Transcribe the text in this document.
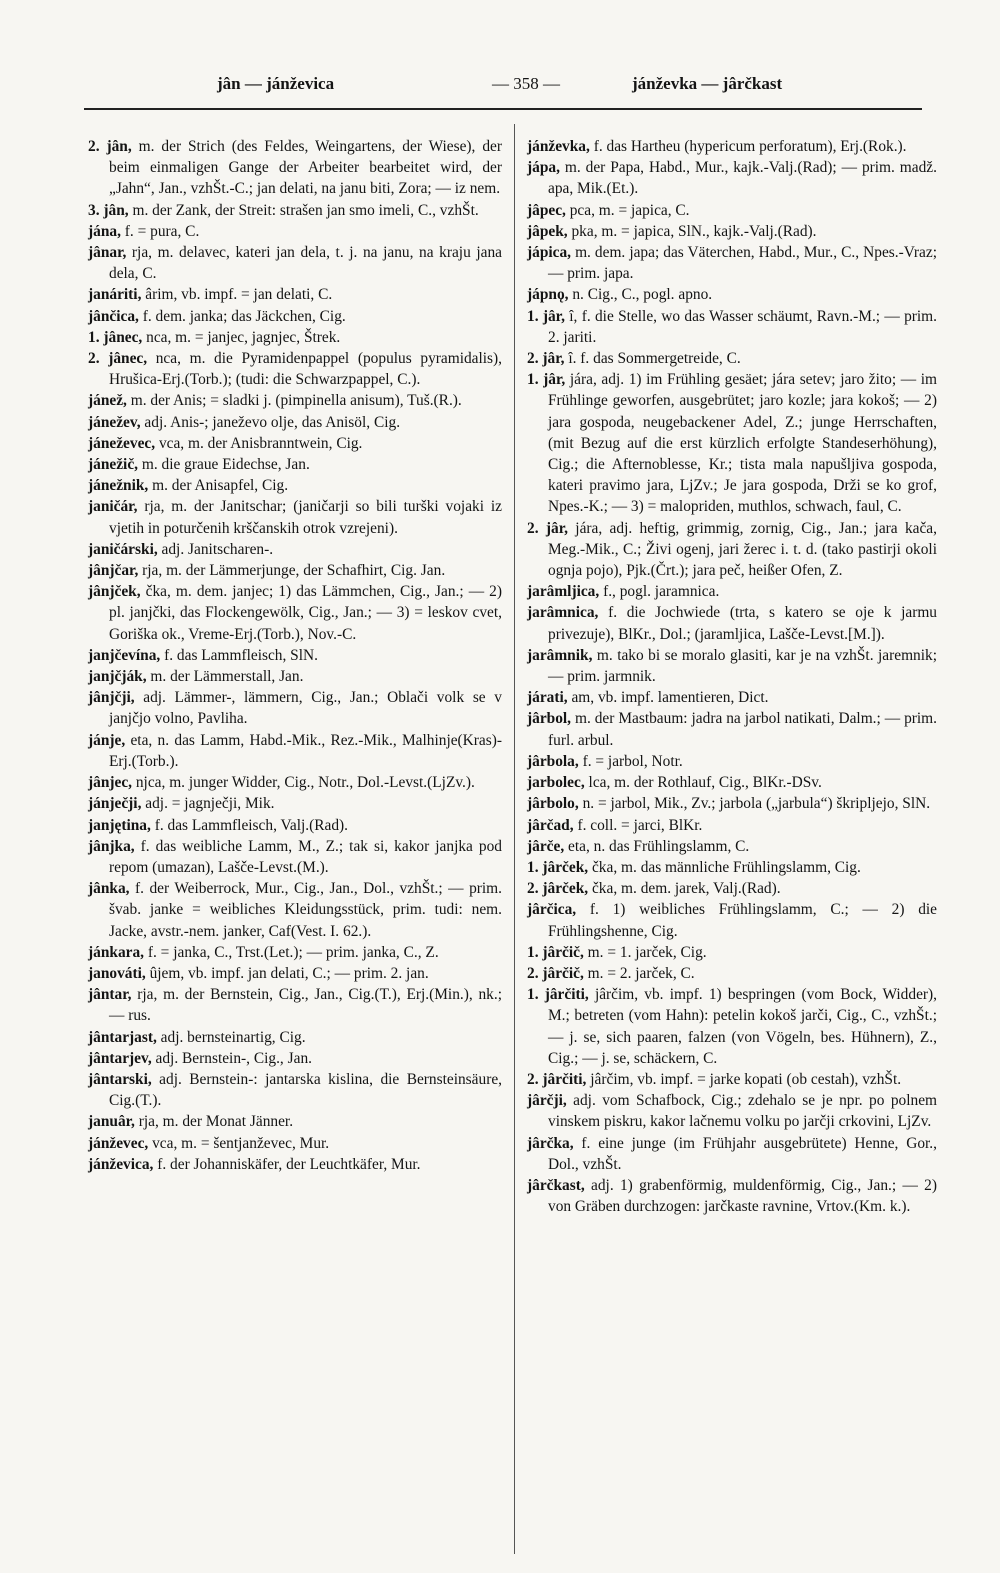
jân — jánževica	— 358 —	jánževka — jârčkast

2. jân, m. der Strich (des Feldes, Weingartens, der Wiese), der beim einmaligen Gange der Arbeiter bearbeitet wird, der „Jahn“, Jan., vzhŠt.-C.; jan delati, na janu biti, Zora; — iz nem.

3. jân, m. der Zank, der Streit: strašen jan smo imeli, C., vzhŠt.

jána, f. = pura, C.

jânar, rja, m. delavec, kateri jan dela, t. j. na janu, na kraju jana dela, C.

janáriti, ârim, vb. impf. = jan delati, C.

jânčica, f. dem. janka; das Jäckchen, Cig.

1. jânec, nca, m. = janjec, jagnjec, Štrek.

2. jânec, nca, m. die Pyramidenpappel (populus pyramidalis), Hrušica-Erj.(Torb.); (tudi: die Schwarzpappel, C.).

jánež, m. der Anis; = sladki j. (pimpinella anisum), Tuš.(R.).

jánežev, adj. Anis-; janeževo olje, das Anisöl, Cig.

jáneževec, vca, m. der Anisbranntwein, Cig.

jánežič, m. die graue Eidechse, Jan.

jánežnik, m. der Anisapfel, Cig.

janičár, rja, m. der Janitschar; (janičarji so bili turški vojaki iz vjetih in poturčenih krščanskih otrok vzrejeni).

janičárski, adj. Janitscharen-.

jânjčar, rja, m. der Lämmerjunge, der Schafhirt, Cig. Jan.

jânjček, čka, m. dem. janjec; 1) das Lämmchen, Cig., Jan.; — 2) pl. janjčki, das Flockengewölk, Cig., Jan.; — 3) = leskov cvet, Goriška ok., Vreme-Erj.(Torb.), Nov.-C.

janjčevína, f. das Lammfleisch, SlN.

janjčják, m. der Lämmerstall, Jan.

jânjčji, adj. Lämmer-, lämmern, Cig., Jan.; Oblači volk se v janjčjo volno, Pavliha.

jánje, eta, n. das Lamm, Habd.-Mik., Rez.-Mik., Malhinje(Kras)-Erj.(Torb.).

jânjec, njca, m. junger Widder, Cig., Notr., Dol.-Levst.(LjZv.).

jánječji, adj. = jagnječji, Mik.

janjętina, f. das Lammfleisch, Valj.(Rad).

jânjka, f. das weibliche Lamm, M., Z.; tak si, kakor janjka pod repom (umazan), Lašče-Levst.(M.).

jânka, f. der Weiberrock, Mur., Cig., Jan., Dol., vzhŠt.; — prim. švab. janke = weibliches Kleidungsstück, prim. tudi: nem. Jacke, avstr.-nem. janker, Caf(Vest. I. 62.).

jánkara, f. = janka, C., Trst.(Let.); — prim. janka, C., Z.

janováti, ûjem, vb. impf. jan delati, C.; — prim. 2. jan.

jântar, rja, m. der Bernstein, Cig., Jan., Cig.(T.), Erj.(Min.), nk.; — rus.

jântarjast, adj. bernsteinartig, Cig.

jântarjev, adj. Bernstein-, Cig., Jan.

jântarski, adj. Bernstein-: jantarska kislina, die Bernsteinsäure, Cig.(T.).

januâr, rja, m. der Monat Jänner.

jánževec, vca, m. = šentjanževec, Mur.

jánževica, f. der Johanniskäfer, der Leuchtkäfer, Mur.

jánževka, f. das Hartheu (hypericum perforatum), Erj.(Rok.).

jápa, m. der Papa, Habd., Mur., kajk.-Valj.(Rad); — prim. madž. apa, Mik.(Et.).

jâpec, pca, m. = japica, C.

jâpek, pka, m. = japica, SlN., kajk.-Valj.(Rad).

jápica, m. dem. japa; das Väterchen, Habd., Mur., C., Npes.-Vraz; — prim. japa.

jápnǫ, n. Cig., C., pogl. apno.

1. jâr, î, f. die Stelle, wo das Wasser schäumt, Ravn.-M.; — prim. 2. jariti.

2. jâr, î. f. das Sommergetreide, C.

1. jâr, jára, adj. 1) im Frühling gesäet; jára setev; jaro žito; — im Frühlinge geworfen, ausgebrütet; jaro kozle; jara kokoš; — 2) jara gospoda, neugebackener Adel, Z.; junge Herrschaften, (mit Bezug auf die erst kürzlich erfolgte Standeserhöhung), Cig.; die Afternoblesse, Kr.; tista mala napušljiva gospoda, kateri pravimo jara, LjZv.; Je jara gospoda, Drži se ko grof, Npes.-K.; — 3) = malopriden, muthlos, schwach, faul, C.

2. jâr, jára, adj. heftig, grimmig, zornig, Cig., Jan.; jara kača, Meg.-Mik., C.; Živi ogenj, jari žerec i. t. d. (tako pastirji okoli ognja pojo), Pjk.(Črt.); jara peč, heißer Ofen, Z.

jarâmljica, f., pogl. jaramnica.

jarâmnica, f. die Jochwiede (trta, s katero se oje k jarmu privezuje), BlKr., Dol.; (jaramljica, Lašče-Levst.[M.]).

jarâmnik, m. tako bi se moralo glasiti, kar je na vzhŠt. jaremnik; — prim. jarmnik.

járati, am, vb. impf. lamentieren, Dict.

jârbol, m. der Mastbaum: jadra na jarbol natikati, Dalm.; — prim. furl. arbul.

jârbola, f. = jarbol, Notr.

jarbolec, lca, m. der Rothlauf, Cig., BlKr.-DSv.

jârbolo, n. = jarbol, Mik., Zv.; jarbola („jarbula“) škripljejo, SlN.

jârčad, f. coll. = jarci, BlKr.

jârče, eta, n. das Frühlingslamm, C.

1. jârček, čka, m. das männliche Frühlingslamm, Cig.

2. jârček, čka, m. dem. jarek, Valj.(Rad).

jârčica, f. 1) weibliches Frühlingslamm, C.; — 2) die Frühlingshenne, Cig.

1. jârčič, m. = 1. jarček, Cig.

2. jârčič, m. = 2. jarček, C.

1. jârčiti, jârčim, vb. impf. 1) bespringen (vom Bock, Widder), M.; betreten (vom Hahn): petelin kokoš jarči, Cig., C., vzhŠt.; — j. se, sich paaren, falzen (von Vögeln, bes. Hühnern), Z., Cig.; — j. se, schäckern, C.

2. jârčiti, jârčim, vb. impf. = jarke kopati (ob cestah), vzhŠt.

jârčji, adj. vom Schafbock, Cig.; zdehalo se je npr. po polnem vinskem piskru, kakor lačnemu volku po jarčji crkovini, LjZv.

jârčka, f. eine junge (im Frühjahr ausgebrütete) Henne, Gor., Dol., vzhŠt.

jârčkast, adj. 1) grabenförmig, muldenförmig, Cig., Jan.; — 2) von Gräben durchzogen: jarčkaste ravnine, Vrtov.(Km. k.).
